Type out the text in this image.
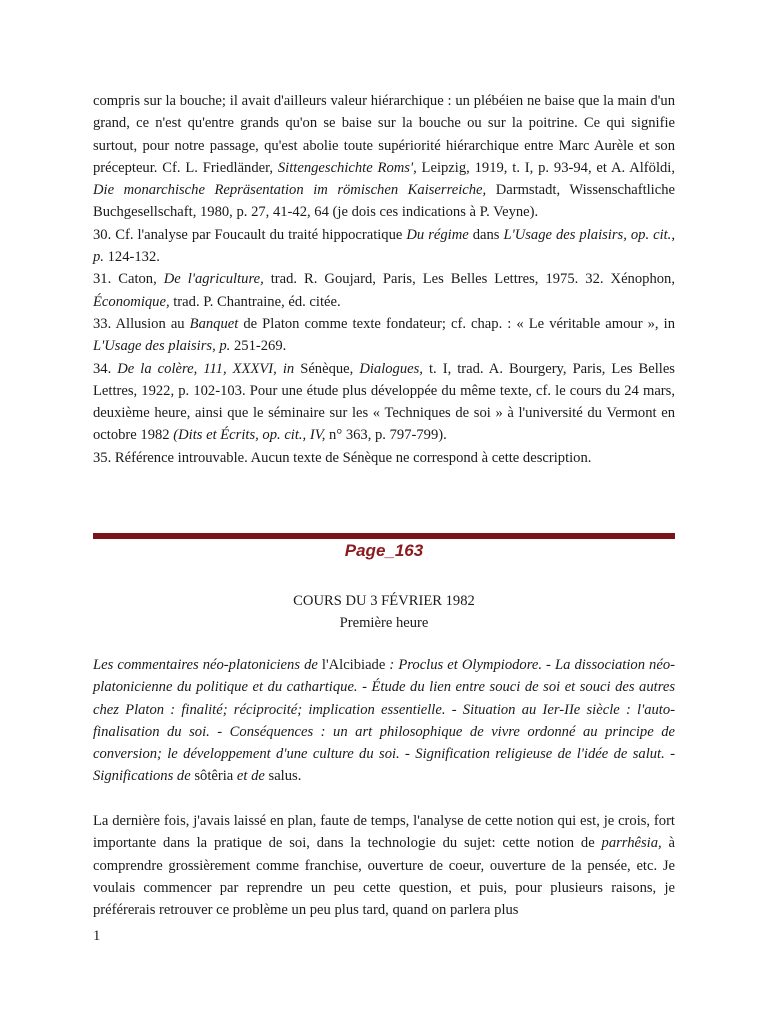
compris sur la bouche; il avait d'ailleurs valeur hiérarchique : un plébéien ne baise que la main d'un grand, ce n'est qu'entre grands qu'on se baise sur la bouche ou sur la poitrine. Ce qui signifie surtout, pour notre passage, qu'est abolie toute supériorité hiérarchique entre Marc Aurèle et son précepteur. Cf. L. Friedländer, Sittengeschichte Roms', Leipzig, 1919, t. I, p. 93-94, et A. Alföldi, Die monarchische Repräsentation im römischen Kaiserreiche, Darmstadt, Wissenschaftliche Buchgesellschaft, 1980, p. 27, 41-42, 64 (je dois ces indications à P. Veyne).

30. Cf. l'analyse par Foucault du traité hippocratique Du régime dans L'Usage des plaisirs, op. cit., p. 124-132.

31. Caton, De l'agriculture, trad. R. Goujard, Paris, Les Belles Lettres, 1975. 32. Xénophon, Économique, trad. P. Chantraine, éd. citée.

33. Allusion au Banquet de Platon comme texte fondateur; cf. chap. : « Le véritable amour », in L'Usage des plaisirs, p. 251-269.

34. De la colère, 111, XXXVI, in Sénèque, Dialogues, t. I, trad. A. Bourgery, Paris, Les Belles Lettres, 1922, p. 102-103. Pour une étude plus développée du même texte, cf. le cours du 24 mars, deuxième heure, ainsi que le séminaire sur les « Techniques de soi » à l'université du Vermont en octobre 1982 (Dits et Écrits, op. cit., IV, n° 363, p. 797-799).

35. Référence introuvable. Aucun texte de Sénèque ne correspond à cette description.

Page_163
COURS DU 3 FÉVRIER 1982
Première heure
Les commentaires néo-platoniciens de l'Alcibiade : Proclus et Olympiodore. - La dissociation néo-platonicienne du politique et du cathartique. - Étude du lien entre souci de soi et souci des autres chez Platon : finalité; réciprocité; implication essentielle. - Situation au Ier-IIe siècle : l'auto-finalisation du soi. - Conséquences : un art philosophique de vivre ordonné au principe de conversion; le développement d'une culture du soi. - Signification religieuse de l'idée de salut. - Significations de sôtêria et de salus.
La dernière fois, j'avais laissé en plan, faute de temps, l'analyse de cette notion qui est, je crois, fort importante dans la pratique de soi, dans la technologie du sujet: cette notion de parrhêsia, à comprendre grossièrement comme franchise, ouverture de coeur, ouverture de la pensée, etc. Je voulais commencer par reprendre un peu cette question, et puis, pour plusieurs raisons, je préférerais retrouver ce problème un peu plus tard, quand on parlera plus
1
